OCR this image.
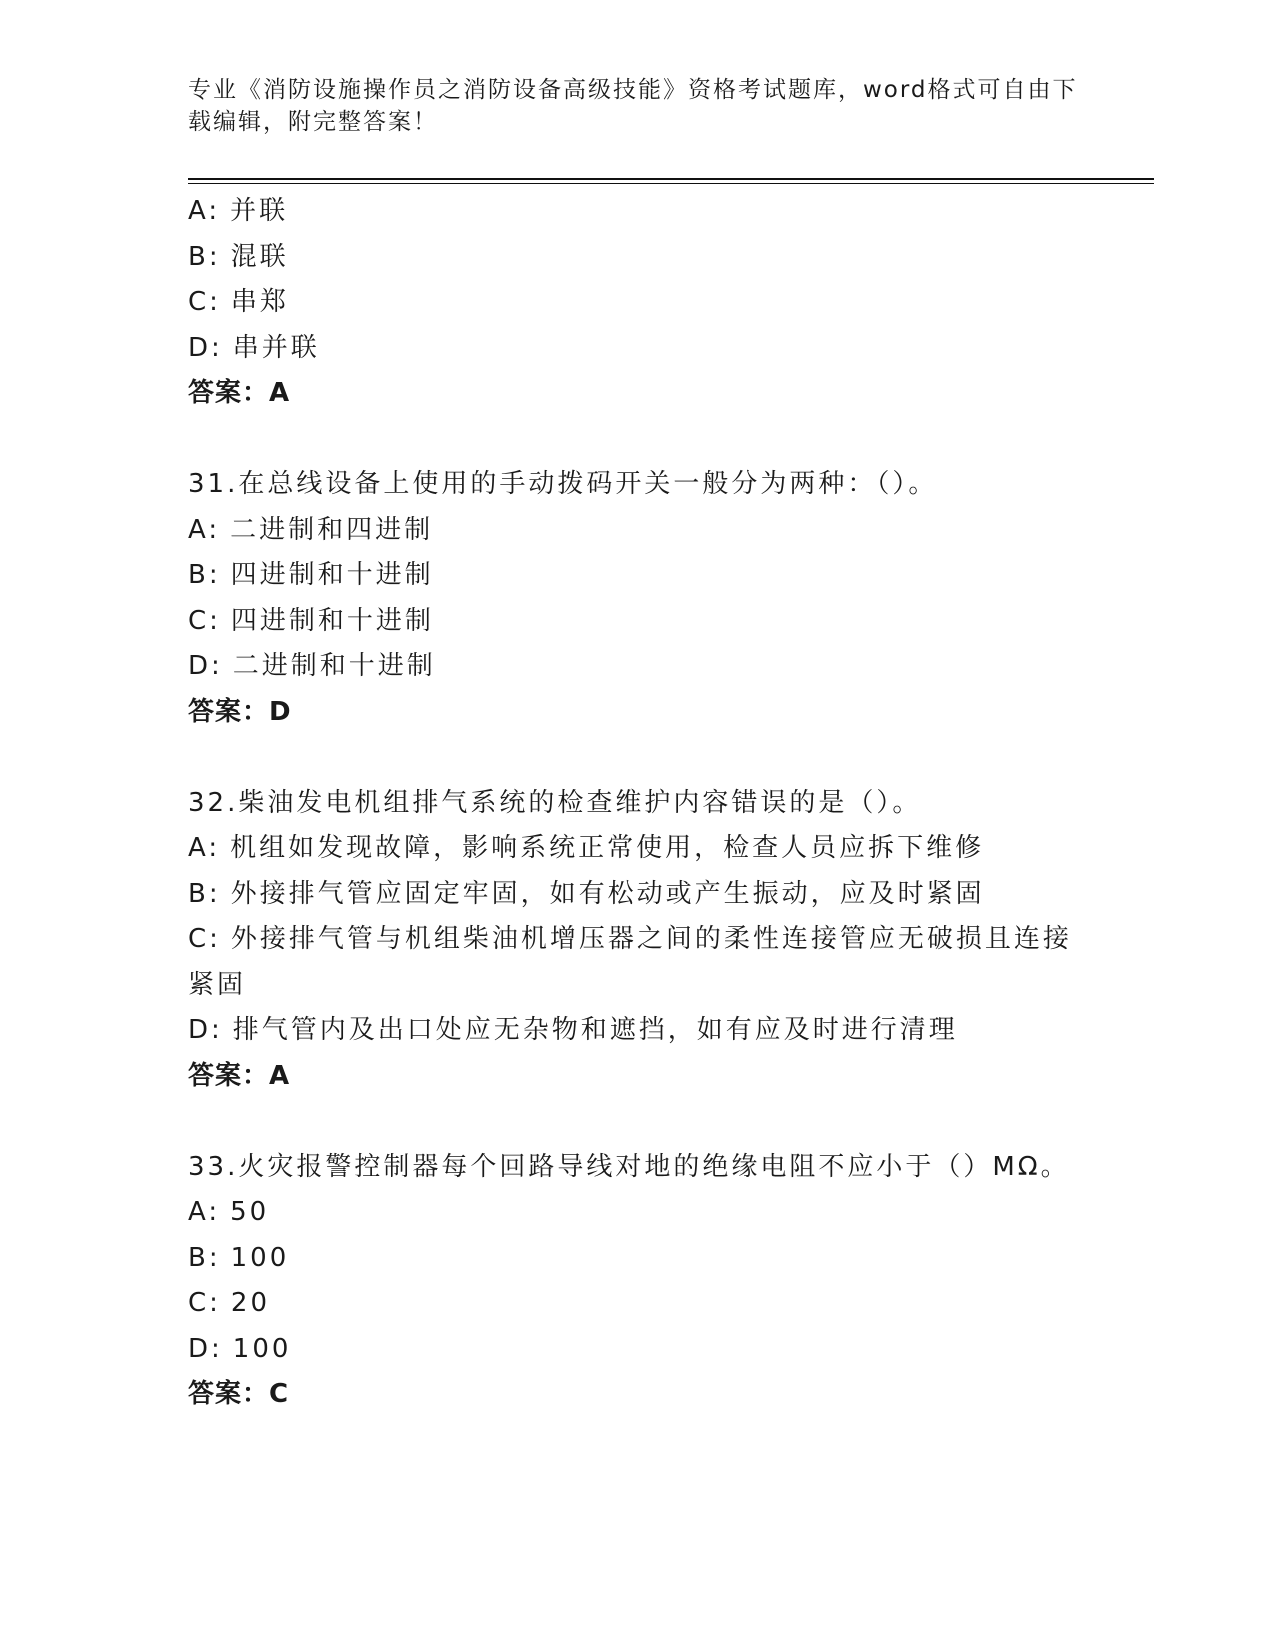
专业《消防设施操作员之消防设备高级技能》资格考试题库，word格式可自由下
载编辑，附完整答案！
A: 并联
B: 混联
C: 串郑
D: 串并联
答案：A
31.在总线设备上使用的手动拨码开关一般分为两种：（）。
A: 二进制和四进制
B: 四进制和十进制
C: 四进制和十进制
D: 二进制和十进制
答案：D
32.柴油发电机组排气系统的检查维护内容错误的是（）。
A: 机组如发现故障，影响系统正常使用，检查人员应拆下维修
B: 外接排气管应固定牢固，如有松动或产生振动，应及时紧固
C: 外接排气管与机组柴油机增压器之间的柔性连接管应无破损且连接
紧固
D: 排气管内及出口处应无杂物和遮挡，如有应及时进行清理
答案：A
33.火灾报警控制器每个回路导线对地的绝缘电阻不应小于（）MΩ。
A: 50
B: 100
C: 20
D: 100
答案：C
